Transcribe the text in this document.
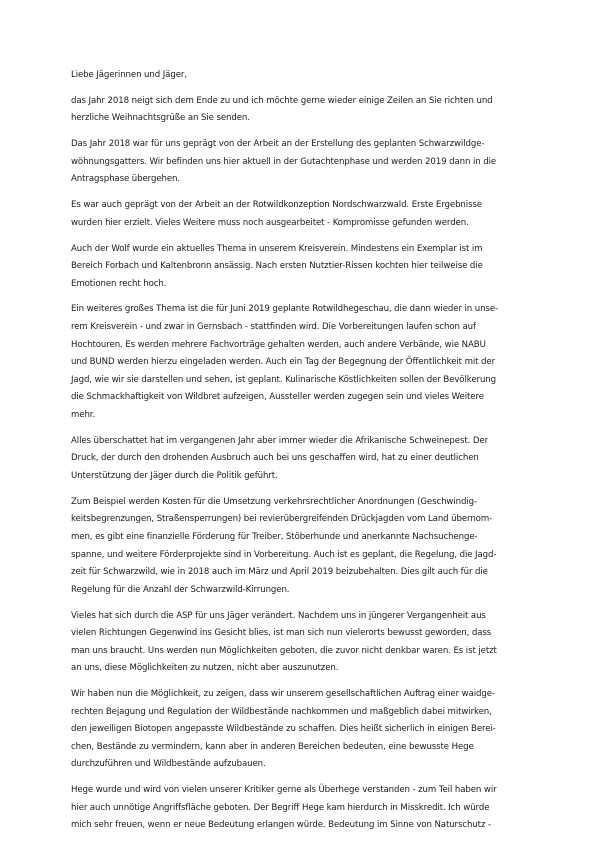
Liebe Jägerinnen und Jäger,

das Jahr 2018 neigt sich dem Ende zu und ich möchte gerne wieder einige Zeilen an Sie richten und
herzliche Weihnachtsgrüße an Sie senden.

Das Jahr 2018 war für uns geprägt von der Arbeit an der Erstellung des geplanten Schwarzwildge-
wöhnungsgatters. Wir befinden uns hier aktuell in der Gutachtenphase und werden 2019 dann in die
Antragsphase übergehen.

Es war auch geprägt von der Arbeit an der Rotwildkonzeption Nordschwarzwald. Erste Ergebnisse
wurden hier erzielt. Vieles Weitere muss noch ausgearbeitet - Kompromisse gefunden werden.

Auch der Wolf wurde ein aktuelles Thema in unserem Kreisverein. Mindestens ein Exemplar ist im
Bereich Forbach und Kaltenbronn ansässig. Nach ersten Nutztier-Rissen kochten hier teilweise die
Emotionen recht hoch.

Ein weiteres großes Thema ist die für Juni 2019 geplante Rotwildhegeschau, die dann wieder in unse-
rem Kreisverein - und zwar in Gernsbach - stattfinden wird. Die Vorbereitungen laufen schon auf
Hochtouren. Es werden mehrere Fachvorträge gehalten werden, auch andere Verbände, wie NABU
und BUND werden hierzu eingeladen werden. Auch ein Tag der Begegnung der Öffentlichkeit mit der
Jagd, wie wir sie darstellen und sehen, ist geplant. Kulinarische Köstlichkeiten sollen der Bevölkerung
die Schmackhaftigkeit von Wildbret aufzeigen, Aussteller werden zugegen sein und vieles Weitere
mehr.

Alles überschattet hat im vergangenen Jahr aber immer wieder die Afrikanische Schweinepest. Der
Druck, der durch den drohenden Ausbruch auch bei uns geschaffen wird, hat zu einer deutlichen
Unterstützung der Jäger durch die Politik geführt.

Zum Beispiel werden Kosten für die Umsetzung verkehrsrechtlicher Anordnungen (Geschwindig-
keitsbegrenzungen, Straßensperrungen) bei revierübergreifenden Drückjagden vom Land übernom-
men, es gibt eine finanzielle Förderung für Treiber, Stöberhunde und anerkannte Nachsuchenge-
spanne, und weitere Förderprojekte sind in Vorbereitung. Auch ist es geplant, die Regelung, die Jagd-
zeit für Schwarzwild, wie in 2018 auch im März und April 2019 beizubehalten. Dies gilt auch für die
Regelung für die Anzahl der Schwarzwild-Kirrungen.

Vieles hat sich durch die ASP für uns Jäger verändert. Nachdem uns in jüngerer Vergangenheit aus
vielen Richtungen Gegenwind ins Gesicht blies, ist man sich nun vielerorts bewusst geworden, dass
man uns braucht. Uns werden nun Möglichkeiten geboten, die zuvor nicht denkbar waren. Es ist jetzt
an uns, diese Möglichkeiten zu nutzen, nicht aber auszunutzen.

Wir haben nun die Möglichkeit, zu zeigen, dass wir unserem gesellschaftlichen Auftrag einer waidge-
rechten Bejagung und Regulation der Wildbestände nachkommen und maßgeblich dabei mitwirken,
den jeweiligen Biotopen angepasste Wildbestände zu schaffen. Dies heißt sicherlich in einigen Berei-
chen, Bestände zu vermindern, kann aber in anderen Bereichen bedeuten, eine bewusste Hege
durchzuführen und Wildbestände aufzubauen.

Hege wurde und wird von vielen unserer Kritiker gerne als Überhege verstanden - zum Teil haben wir
hier auch unnötige Angriffsfläche geboten. Der Begriff Hege kam hierdurch in Misskredit. Ich würde
mich sehr freuen, wenn er neue Bedeutung erlangen würde. Bedeutung im Sinne von Naturschutz -
